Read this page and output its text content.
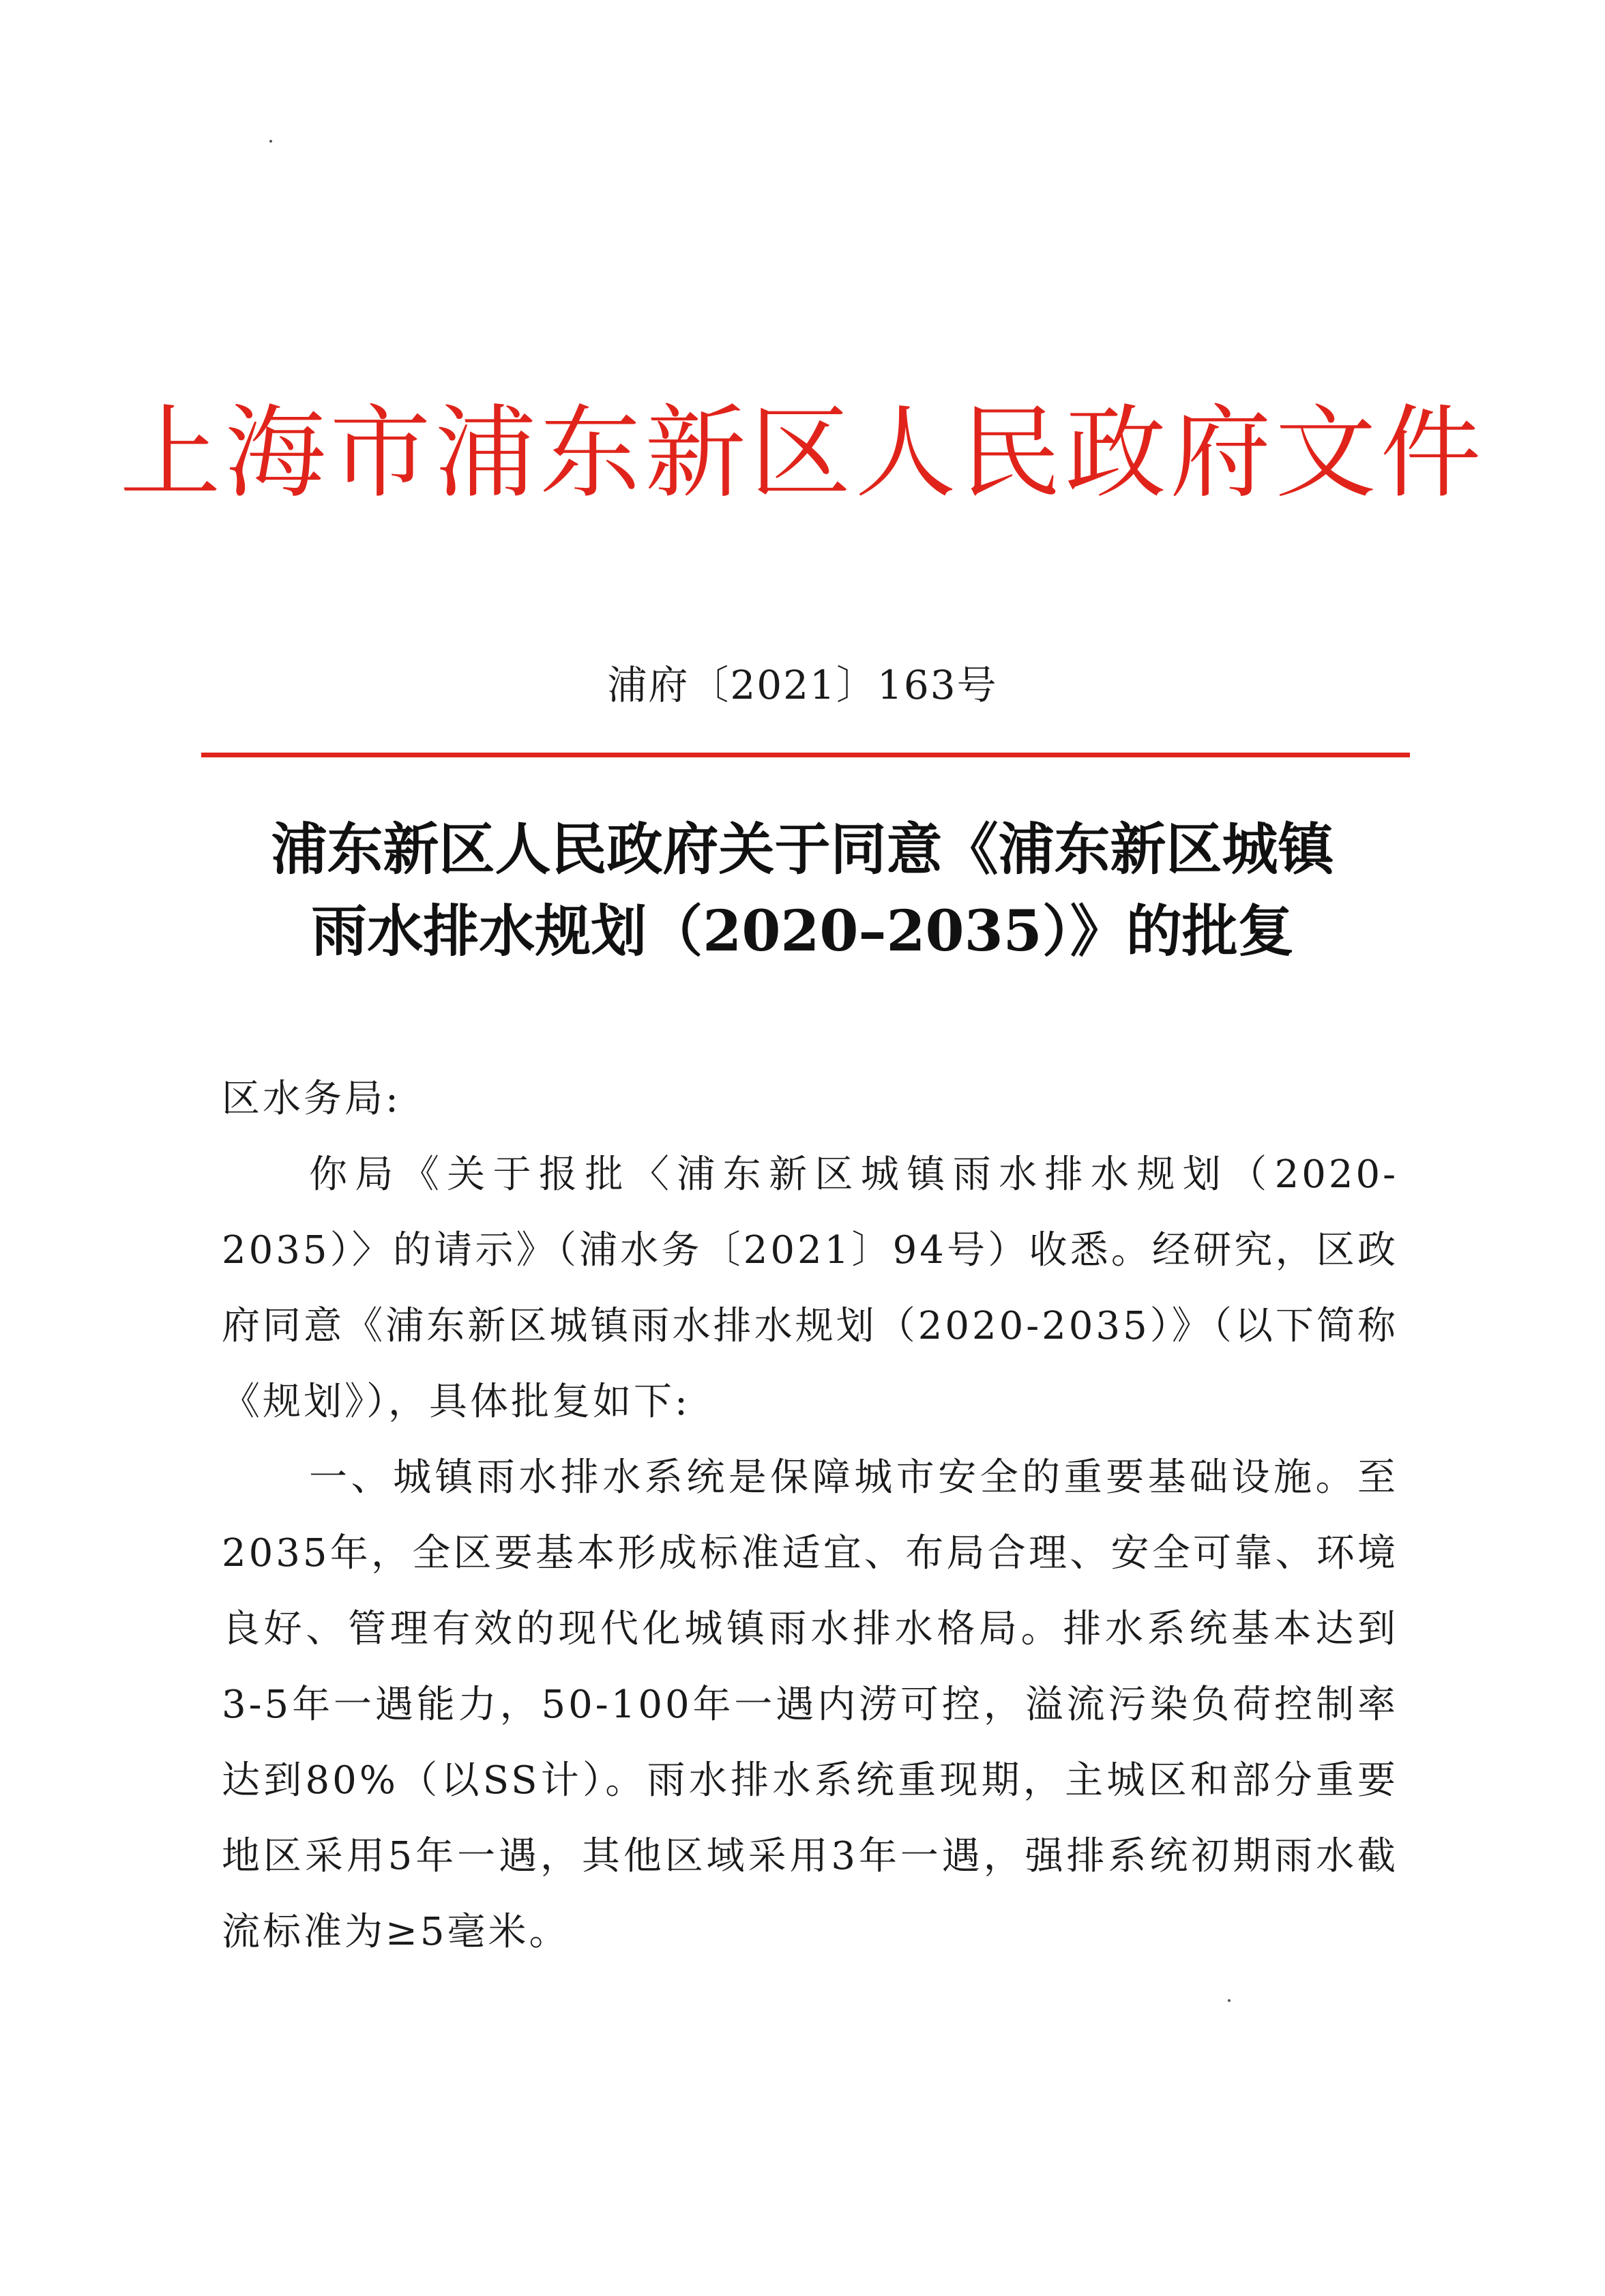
上海市浦东新区人民政府文件
浦府〔2021〕163号
浦东新区人民政府关于同意《浦东新区城镇
雨水排水规划（2020–2035）》的批复

区水务局:

你局《关于报批〈浦东新区城镇雨水排水规划（2020-2035）〉的请示》（浦水务〔2021〕94号）收悉。经研究，区政府同意《浦东新区城镇雨水排水规划（2020-2035）》（以下简称《规划》），具体批复如下:

一、城镇雨水排水系统是保障城市安全的重要基础设施。至2035年，全区要基本形成标准适宜、布局合理、安全可靠、环境良好、管理有效的现代化城镇雨水排水格局。排水系统基本达到3-5年一遇能力，50-100年一遇内涝可控，溢流污染负荷控制率达到80%（以SS计）。雨水排水系统重现期，主城区和部分重要地区采用5年一遇，其他区域采用3年一遇，强排系统初期雨水截流标准为≥5毫米。
